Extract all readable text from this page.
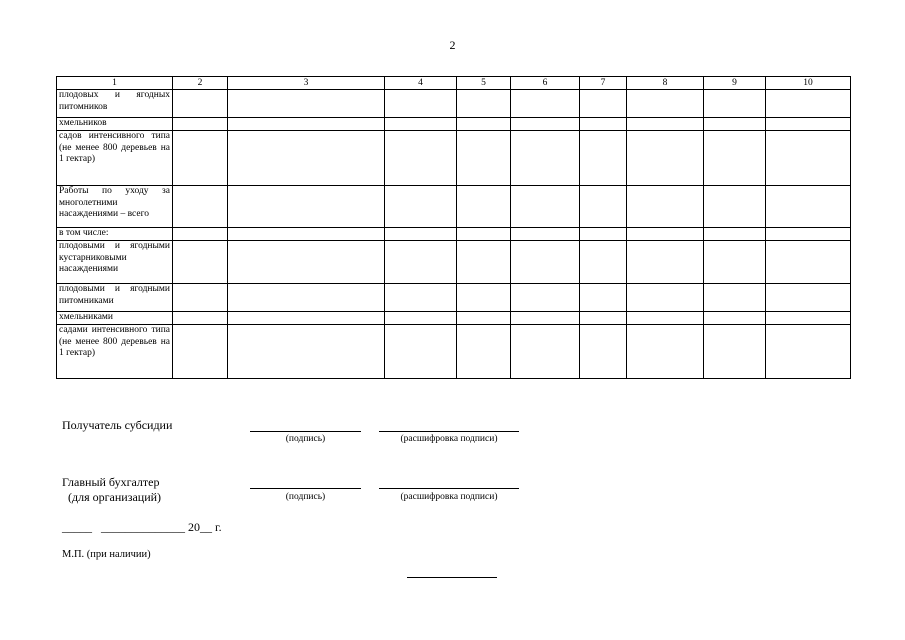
2
1	2	3	4	5	6	7	8	9	10
плодовых и ягодных питомников									
хмельников									
садов интенсивного типа (не менее 800 деревьев на 1 гектар)									
Работы по уходу за многолетними насаждениями – всего									
в том числе:									
плодовыми и ягодными кустарниковыми насаждениями									
плодовыми и ягодными питомниками									
хмельниками									
садами интенсивного типа (не менее 800 деревьев на 1 гектар)									
Получатель субсидии
(подпись)	(расшифровка подписи)
Главный бухгалтер
(для организаций)	(подпись)	(расшифровка подписи)
_____   ______________ 20__ г.
М.П. (при наличии)
